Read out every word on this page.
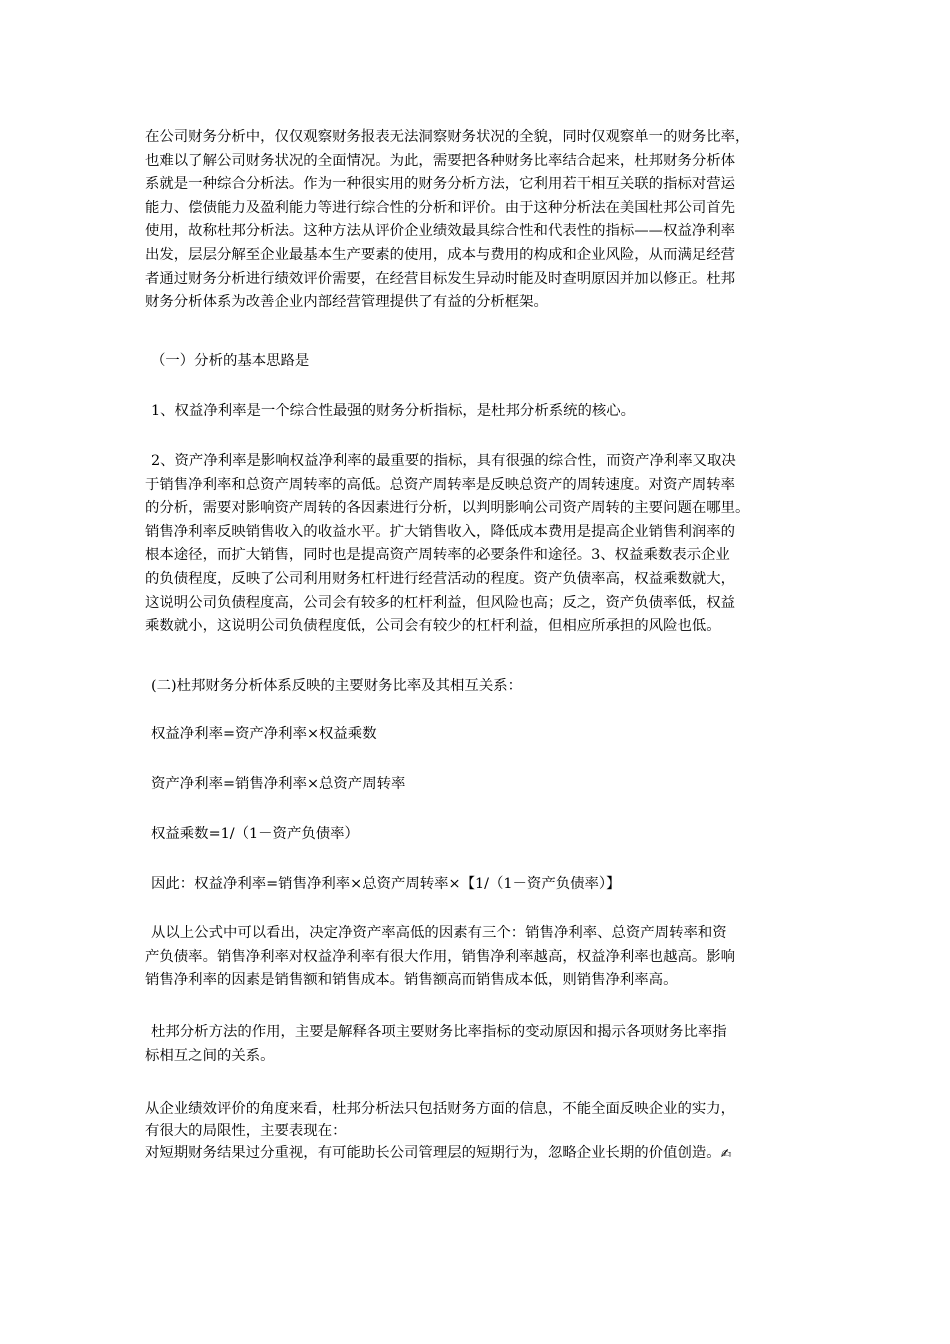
在公司财务分析中，仅仅观察财务报表无法洞察财务状况的全貌，同时仅观察单一的财务比率，
也难以了解公司财务状况的全面情况。为此，需要把各种财务比率结合起来，杜邦财务分析体
系就是一种综合分析法。作为一种很实用的财务分析方法，它利用若干相互关联的指标对营运
能力、偿债能力及盈利能力等进行综合性的分析和评价。由于这种分析法在美国杜邦公司首先
使用，故称杜邦分析法。这种方法从评价企业绩效最具综合性和代表性的指标——权益净利率
出发，层层分解至企业最基本生产要素的使用，成本与费用的构成和企业风险，从而满足经营
者通过财务分析进行绩效评价需要，在经营目标发生异动时能及时查明原因并加以修正。杜邦
财务分析体系为改善企业内部经营管理提供了有益的分析框架。
（一）分析的基本思路是
1、权益净利率是一个综合性最强的财务分析指标，是杜邦分析系统的核心。
2、资产净利率是影响权益净利率的最重要的指标，具有很强的综合性，而资产净利率又取决
于销售净利率和总资产周转率的高低。总资产周转率是反映总资产的周转速度。对资产周转率
的分析，需要对影响资产周转的各因素进行分析，以判明影响公司资产周转的主要问题在哪里。
销售净利率反映销售收入的收益水平。扩大销售收入，降低成本费用是提高企业销售利润率的
根本途径，而扩大销售，同时也是提高资产周转率的必要条件和途径。3、权益乘数表示企业
的负债程度，反映了公司利用财务杠杆进行经营活动的程度。资产负债率高，权益乘数就大，
这说明公司负债程度高，公司会有较多的杠杆利益，但风险也高；反之，资产负债率低，权益
乘数就小，这说明公司负债程度低，公司会有较少的杠杆利益，但相应所承担的风险也低。
(二)杜邦财务分析体系反映的主要财务比率及其相互关系：
权益净利率=资产净利率×权益乘数
资产净利率=销售净利率×总资产周转率
权益乘数=1/（1－资产负债率）
因此：权益净利率=销售净利率×总资产周转率×【1/（1－资产负债率）】
从以上公式中可以看出，决定净资产率高低的因素有三个：销售净利率、总资产周转率和资
产负债率。销售净利率对权益净利率有很大作用，销售净利率越高，权益净利率也越高。影响
销售净利率的因素是销售额和销售成本。销售额高而销售成本低，则销售净利率高。
杜邦分析方法的作用，主要是解释各项主要财务比率指标的变动原因和揭示各项财务比率指
标相互之间的关系。
从企业绩效评价的角度来看，杜邦分析法只包括财务方面的信息，不能全面反映企业的实力，
有很大的局限性，主要表现在：
对短期财务结果过分重视，有可能助长公司管理层的短期行为，忽略企业长期的价值创造。✍
